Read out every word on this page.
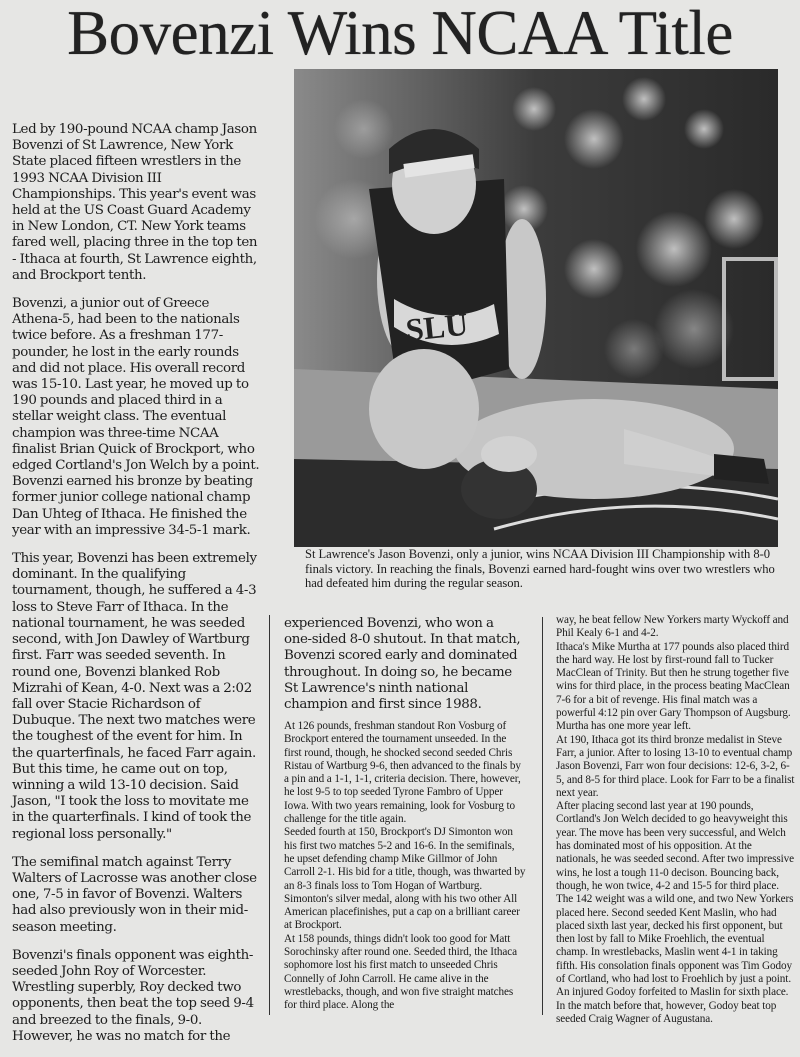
Bovenzi Wins NCAA Title

Led by 190-pound NCAA champ Jason Bovenzi of St Lawrence, New York State placed fifteen wrestlers in the 1993 NCAA Division III Championships. This year's event was held at the US Coast Guard Academy in New London, CT. New York teams fared well, placing three in the top ten - Ithaca at fourth, St Lawrence eighth, and Brockport tenth.

Bovenzi, a junior out of Greece Athena-5, had been to the nationals twice before. As a freshman 177-pounder, he lost in the early rounds and did not place. His overall record was 15-10. Last year, he moved up to 190 pounds and placed third in a stellar weight class. The eventual champion was three-time NCAA finalist Brian Quick of Brockport, who edged Cortland's Jon Welch by a point. Bovenzi earned his bronze by beating former junior college national champ Dan Uhteg of Ithaca. He finished the year with an impressive 34-5-1 mark.

This year, Bovenzi has been extremely dominant. In the qualifying tournament, though, he suffered a 4-3 loss to Steve Farr of Ithaca. In the national tournament, he was seeded second, with Jon Dawley of Wartburg first. Farr was seeded seventh. In round one, Bovenzi blanked Rob Mizrahi of Kean, 4-0. Next was a 2:02 fall over Stacie Richardson of Dubuque. The next two matches were the toughest of the event for him. In the quarterfinals, he faced Farr again. But this time, he came out on top, winning a wild 13-10 decision. Said Jason, "I took the loss to movitate me in the quarterfinals. I kind of took the regional loss personally."

The semifinal match against Terry Walters of Lacrosse was another close one, 7-5 in favor of Bovenzi. Walters had also previously won in their mid-season meeting.

Bovenzi's finals opponent was eighth-seeded John Roy of Worcester. Wrestling superbly, Roy decked two opponents, then beat the top seed 9-4 and breezed to the finals, 9-0. However, he was no match for the

SLU
St Lawrence's Jason Bovenzi, only a junior, wins NCAA Division III Championship with 8-0 finals victory. In reaching the finals, Bovenzi earned hard-fought wins over two wrestlers who had defeated him during the regular season.

experienced Bovenzi, who won a one-sided 8-0 shutout. In that match, Bovenzi scored early and dominated throughout. In doing so, he became St Lawrence's ninth national champion and first since 1988.

At 126 pounds, freshman standout Ron Vosburg of Brockport entered the tournament unseeded. In the first round, though, he shocked second seeded Chris Ristau of Wartburg 9-6, then advanced to the finals by a pin and a 1-1, 1-1, criteria decision. There, however, he lost 9-5 to top seeded Tyrone Fambro of Upper Iowa. With two years remaining, look for Vosburg to challenge for the title again.

Seeded fourth at 150, Brockport's DJ Simonton won his first two matches 5-2 and 16-6. In the semifinals, he upset defending champ Mike Gillmor of John Carroll 2-1. His bid for a title, though, was thwarted by an 8-3 finals loss to Tom Hogan of Wartburg. Simonton's silver medal, along with his two other All American placefinishes, put a cap on a brilliant career at Brockport.

At 158 pounds, things didn't look too good for Matt Sorochinsky after round one. Seeded third, the Ithaca sophomore lost his first match to unseeded Chris Connelly of John Carroll. He came alive in the wrestlebacks, though, and won five straight matches for third place. Along the

way, he beat fellow New Yorkers marty Wyckoff and Phil Kealy 6-1 and 4-2.

Ithaca's Mike Murtha at 177 pounds also placed third the hard way. He lost by first-round fall to Tucker MacClean of Trinity. But then he strung together five wins for third place, in the process beating MacClean 7-6 for a bit of revenge. His final match was a powerful 4:12 pin over Gary Thompson of Augsburg. Murtha has one more year left.

At 190, Ithaca got its third bronze medalist in Steve Farr, a junior. After to losing 13-10 to eventual champ Jason Bovenzi, Farr won four decisions: 12-6, 3-2, 6-5, and 8-5 for third place. Look for Farr to be a finalist next year.

After placing second last year at 190 pounds, Cortland's Jon Welch decided to go heavyweight this year. The move has been very successful, and Welch has dominated most of his opposition. At the nationals, he was seeded second. After two impressive wins, he lost a tough 11-0 decison. Bouncing back, though, he won twice, 4-2 and 15-5 for third place.

The 142 weight was a wild one, and two New Yorkers placed here. Second seeded Kent Maslin, who had placed sixth last year, decked his first opponent, but then lost by fall to Mike Froehlich, the eventual champ. In wrestlebacks, Maslin went 4-1 in taking fifth. His consolation finals opponent was Tim Godoy of Cortland, who had lost to Froehlich by just a point. An injured Godoy forfeited to Maslin for sixth place. In the match before that, however, Godoy beat top seeded Craig Wagner of Augustana.
